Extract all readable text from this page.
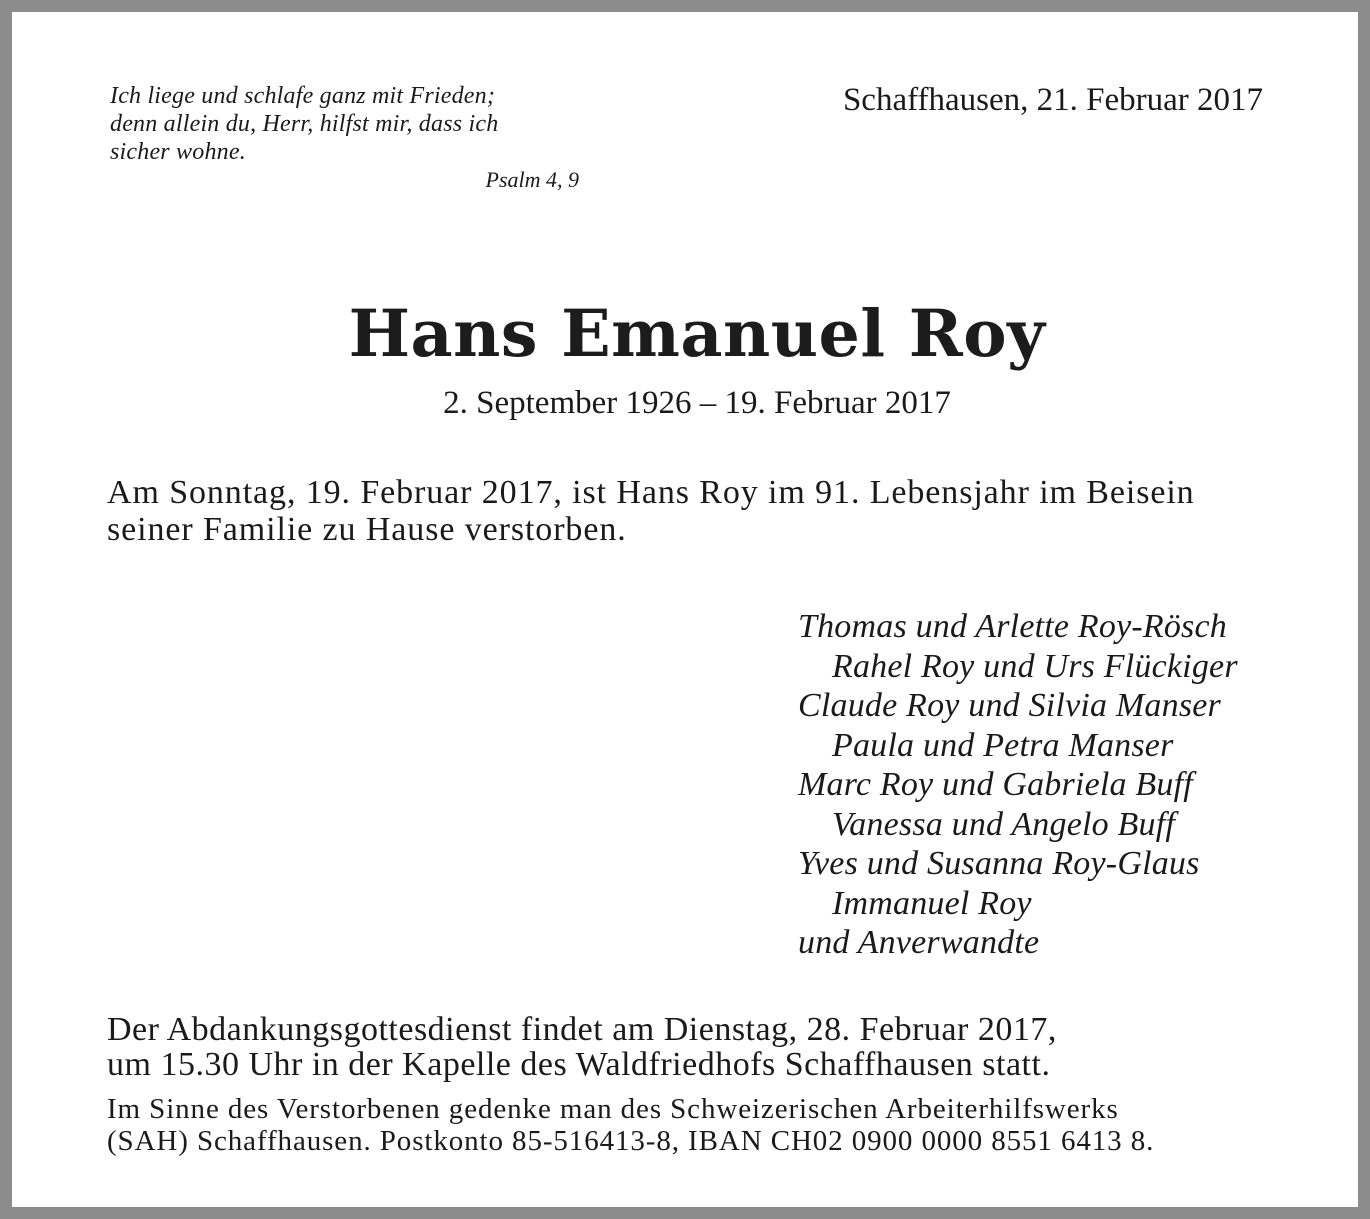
Ich liege und schlafe ganz mit Frieden;
denn allein du, Herr, hilfst mir, dass ich
sicher wohne.
Psalm 4, 9
Schaffhausen, 21. Februar 2017
Hans Emanuel Roy
2. September 1926 – 19. Februar 2017
Am Sonntag, 19. Februar 2017, ist Hans Roy im 91. Lebensjahr im Beisein
seiner Familie zu Hause verstorben.
Thomas und Arlette Roy-Rösch
Rahel Roy und Urs Flückiger
Claude Roy und Silvia Manser
Paula und Petra Manser
Marc Roy und Gabriela Buff
Vanessa und Angelo Buff
Yves und Susanna Roy-Glaus
Immanuel Roy
und Anverwandte
Der Abdankungsgottesdienst findet am Dienstag, 28. Februar 2017,
um 15.30 Uhr in der Kapelle des Waldfriedhofs Schaffhausen statt.
Im Sinne des Verstorbenen gedenke man des Schweizerischen Arbeiterhilfswerks
(SAH) Schaffhausen. Postkonto 85-516413-8, IBAN CH02 0900 0000 8551 6413 8.
